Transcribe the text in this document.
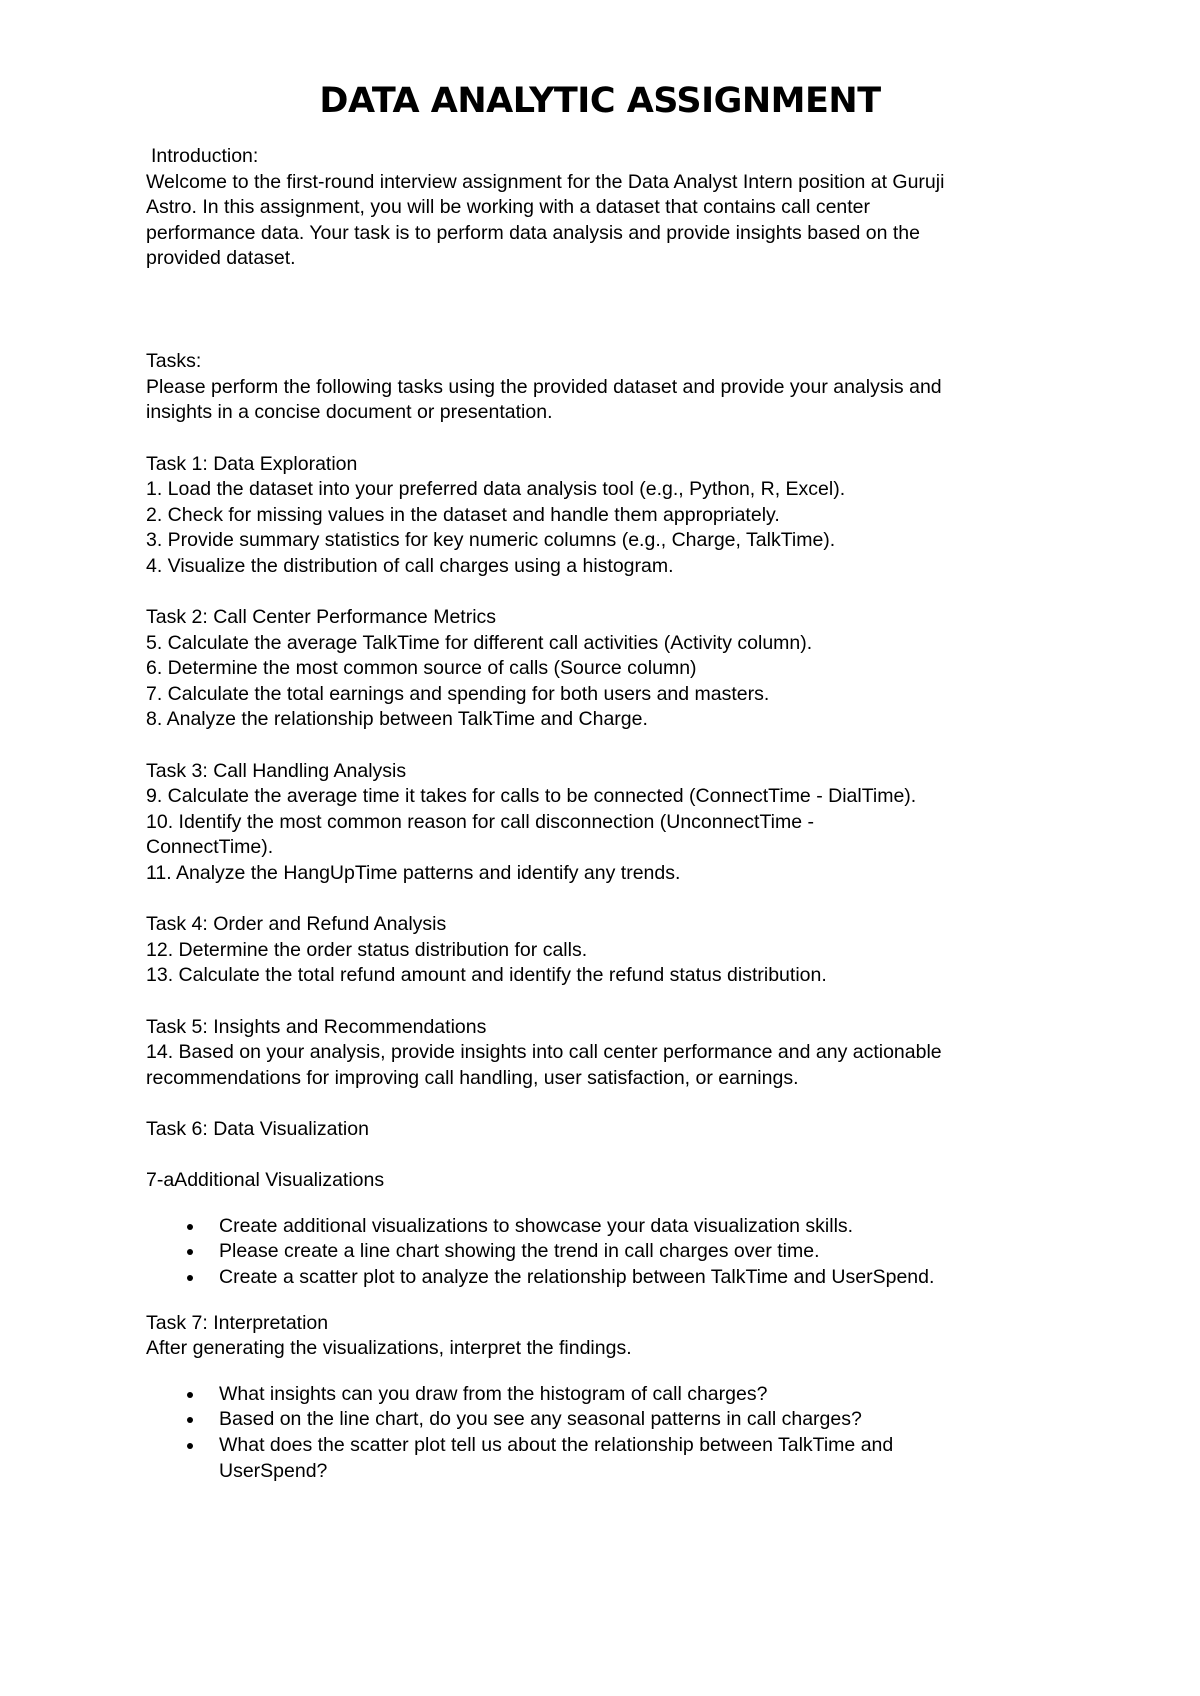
DATA ANALYTIC ASSIGNMENT

Introduction:

Welcome to the first-round interview assignment for the Data Analyst Intern position at Guruji

Astro. In this assignment, you will be working with a dataset that contains call center

performance data. Your task is to perform data analysis and provide insights based on the

provided dataset.

Tasks:

Please perform the following tasks using the provided dataset and provide your analysis and

insights in a concise document or presentation.

Task 1: Data Exploration

1. Load the dataset into your preferred data analysis tool (e.g., Python, R, Excel).

2. Check for missing values in the dataset and handle them appropriately.

3. Provide summary statistics for key numeric columns (e.g., Charge, TalkTime).

4. Visualize the distribution of call charges using a histogram.

Task 2: Call Center Performance Metrics

5. Calculate the average TalkTime for different call activities (Activity column).

6. Determine the most common source of calls (Source column)

7. Calculate the total earnings and spending for both users and masters.

8. Analyze the relationship between TalkTime and Charge.

Task 3: Call Handling Analysis

9. Calculate the average time it takes for calls to be connected (ConnectTime - DialTime).

10. Identify the most common reason for call disconnection (UnconnectTime -

ConnectTime).

11. Analyze the HangUpTime patterns and identify any trends.

Task 4: Order and Refund Analysis

12. Determine the order status distribution for calls.

13. Calculate the total refund amount and identify the refund status distribution.

Task 5: Insights and Recommendations

14. Based on your analysis, provide insights into call center performance and any actionable

recommendations for improving call handling, user satisfaction, or earnings.

Task 6: Data Visualization

7-aAdditional Visualizations

Create additional visualizations to showcase your data visualization skills.
Please create a line chart showing the trend in call charges over time.
Create a scatter plot to analyze the relationship between TalkTime and UserSpend.

Task 7: Interpretation

After generating the visualizations, interpret the findings.

What insights can you draw from the histogram of call charges?
Based on the line chart, do you see any seasonal patterns in call charges?
What does the scatter plot tell us about the relationship between TalkTime and
UserSpend?
